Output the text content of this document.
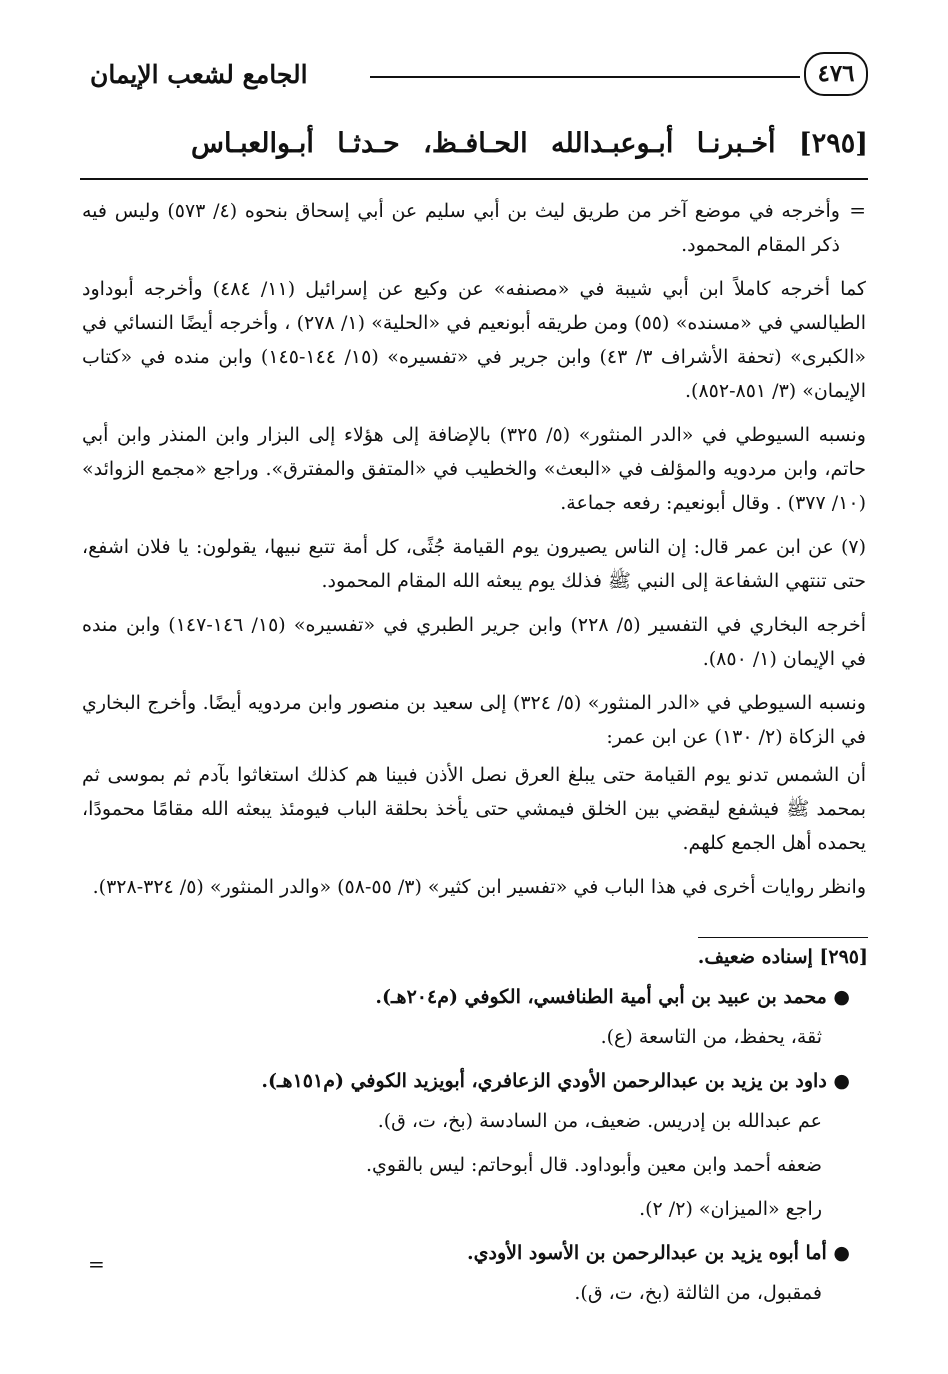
الجامع لشعب الإيمان	٤٧٦
[٢٩٥] أخـبرنـا أبـوعبـدالله الحـافـظ، حـدثـا أبـوالعبـاس
=

وأخرجه في موضع آخر من طريق ليث بن أبي سليم عن أبي إسحاق بنحوه (٤/ ٥٧٣) وليس فيه ذكر المقام المحمود.

كما أخرجه كاملاً ابن أبي شيبة في «مصنفه» عن وكيع عن إسرائيل (١١/ ٤٨٤) وأخرجه أبوداود الطيالسي في «مسنده» (٥٥) ومن طريقه أبونعيم في «الحلية» (١/ ٢٧٨) ، وأخرجه أيضًا النسائي في «الكبرى» (تحفة الأشراف ٣/ ٤٣) وابن جرير في «تفسيره» (١٥/ ١٤٤-١٤٥) وابن منده في «كتاب الإيمان» (٣/ ٨٥١-٨٥٢).

ونسبه السيوطي في «الدر المنثور» (٥/ ٣٢٥) بالإضافة إلى هؤلاء إلى البزار وابن المنذر وابن أبي حاتم، وابن مردويه والمؤلف في «البعث» والخطيب في «المتفق والمفترق». وراجع «مجمع الزوائد» (١٠/ ٣٧٧) . وقال أبونعيم: رفعه جماعة.

(٧) عن ابن عمر قال: إن الناس يصيرون يوم القيامة جُثًى، كل أمة تتبع نبيها، يقولون: يا فلان اشفع، حتى تنتهي الشفاعة إلى النبي ﷺ فذلك يوم يبعثه الله المقام المحمود.

أخرجه البخاري في التفسير (٥/ ٢٢٨) وابن جرير الطبري في «تفسيره» (١٥/ ١٤٦-١٤٧) وابن منده في الإيمان (١/ ٨٥٠).

ونسبه السيوطي في «الدر المنثور» (٥/ ٣٢٤) إلى سعيد بن منصور وابن مردويه أيضًا. وأخرج البخاري في الزكاة (٢/ ١٣٠) عن ابن عمر:

أن الشمس تدنو يوم القيامة حتى يبلغ العرق نصل الأذن فبينا هم كذلك استغاثوا بآدم ثم بموسى ثم بمحمد ﷺ فيشفع ليقضي بين الخلق فيمشي حتى يأخذ بحلقة الباب فيومئذ يبعثه الله مقامًا محمودًا، يحمده أهل الجمع كلهم.

وانظر روايات أخرى في هذا الباب في «تفسير ابن كثير» (٣/ ٥٥-٥٨) «والدر المنثور» (٥/ ٣٢٤-٣٢٨).

[٢٩٥] إسناده ضعيف.

● محمد بن عبيد بن أبي أمية الطنافسي، الكوفي (م٢٠٤هـ).

ثقة، يحفظ، من التاسعة (ع).

● داود بن يزيد بن عبدالرحمن الأودي الزعافري، أبويزيد الكوفي (م١٥١هـ).

عم عبدالله بن إدريس. ضعيف، من السادسة (بخ، ت، ق).

ضعفه أحمد وابن معين وأبوداود. قال أبوحاتم: ليس بالقوي.

راجع «الميزان» (٢/ ٢).

● أما أبوه يزيد بن عبدالرحمن بن الأسود الأودي.

فمقبول، من الثالثة (بخ، ت، ق).

=
